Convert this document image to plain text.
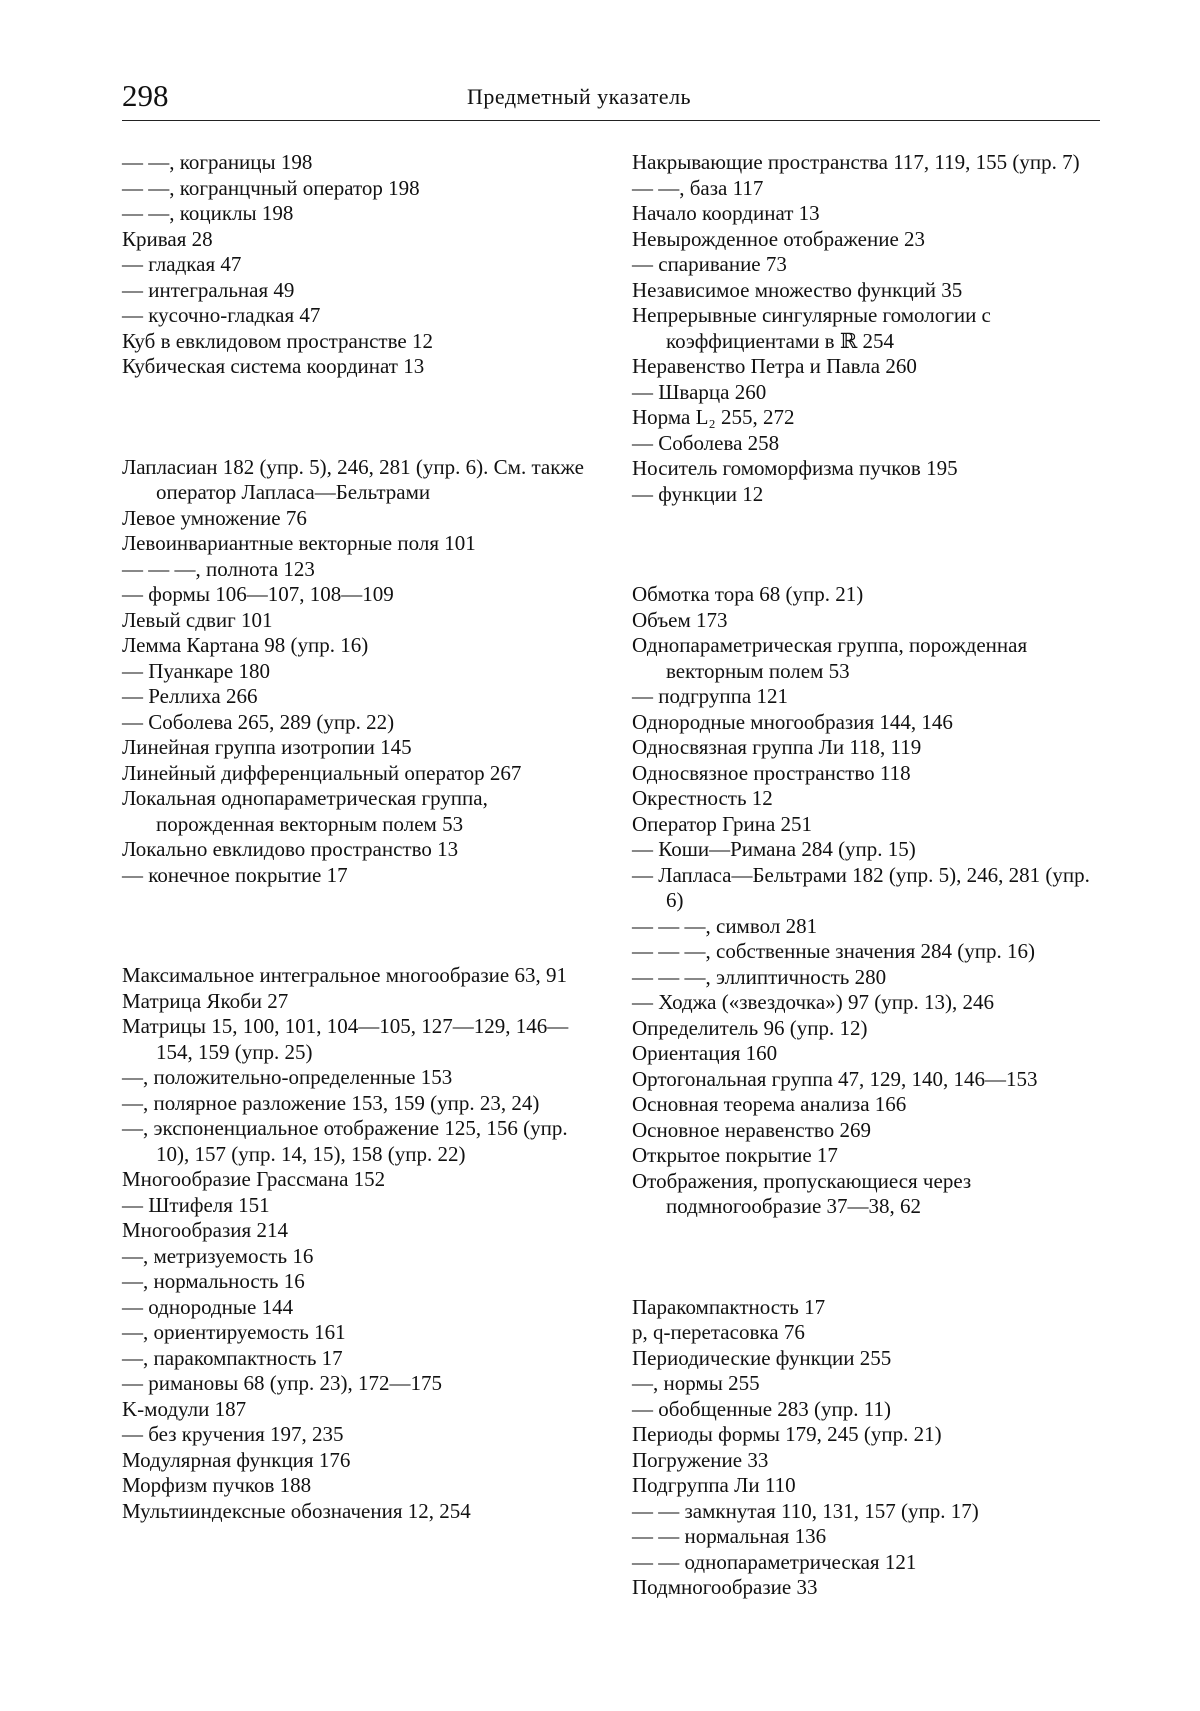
298	Предметный указатель

— —, кограницы 198

— —, когранцчный оператор 198

— —, коциклы 198

Кривая 28

— гладкая 47

— интегральная 49

— кусочно-гладкая 47

Куб в евклидовом пространстве 12

Кубическая система координат 13

Лапласиан 182 (упр. 5), 246, 281 (упр. 6). См. также оператор Лапласа—Бельтрами

Левое умножение 76

Левоинвариантные векторные поля 101

— — —, полнота 123

— формы 106—107, 108—109

Левый сдвиг 101

Лемма Картана 98 (упр. 16)

— Пуанкаре 180

— Реллиха 266

— Соболева 265, 289 (упр. 22)

Линейная группа изотропии 145

Линейный дифференциальный оператор 267

Локальная однопараметрическая группа, порожденная векторным полем 53

Локально евклидово пространство 13

— конечное покрытие 17

Максимальное интегральное многообразие 63, 91

Матрица Якоби 27

Матрицы 15, 100, 101, 104—105, 127—129, 146—154, 159 (упр. 25)

—, положительно-определенные 153

—, полярное разложение 153, 159 (упр. 23, 24)

—, экспоненциальное отображение 125, 156 (упр. 10), 157 (упр. 14, 15), 158 (упр. 22)

Многообразие Грассмана 152

— Штифеля 151

Многообразия 214

—, метризуемость 16

—, нормальность 16

— однородные 144

—, ориентируемость 161

—, паракомпактность 17

— римановы 68 (упр. 23), 172—175

K-модули 187

— без кручения 197, 235

Модулярная функция 176

Морфизм пучков 188

Мультииндексные обозначения 12, 254

Накрывающие пространства 117, 119, 155 (упр. 7)

— —, база 117

Начало координат 13

Невырожденное отображение 23

— спаривание 73

Независимое множество функций 35

Непрерывные сингулярные гомологии с коэффициентами в ℝ 254

Неравенство Петра и Павла 260

— Шварца 260

Норма L₂ 255, 272

— Соболева 258

Носитель гомоморфизма пучков 195

— функции 12

Обмотка тора 68 (упр. 21)

Объем 173

Однопараметрическая группа, порожденная векторным полем 53

— подгруппа 121

Однородные многообразия 144, 146

Односвязная группа Ли 118, 119

Односвязное пространство 118

Окрестность 12

Оператор Грина 251

— Коши—Римана 284 (упр. 15)

— Лапласа—Бельтрами 182 (упр. 5), 246, 281 (упр. 6)

— — —, символ 281

— — —, собственные значения 284 (упр. 16)

— — —, эллиптичность 280

— Ходжа («звездочка») 97 (упр. 13), 246

Определитель 96 (упр. 12)

Ориентация 160

Ортогональная группа 47, 129, 140, 146—153

Основная теорема анализа 166

Основное неравенство 269

Открытое покрытие 17

Отображения, пропускающиеся через подмногообразие 37—38, 62

Паракомпактность 17

p, q-перетасовка 76

Периодические функции 255

—, нормы 255

— обобщенные 283 (упр. 11)

Периоды формы 179, 245 (упр. 21)

Погружение 33

Подгруппа Ли 110

— — замкнутая 110, 131, 157 (упр. 17)

— — нормальная 136

— — однопараметрическая 121

Подмногообразие 33
